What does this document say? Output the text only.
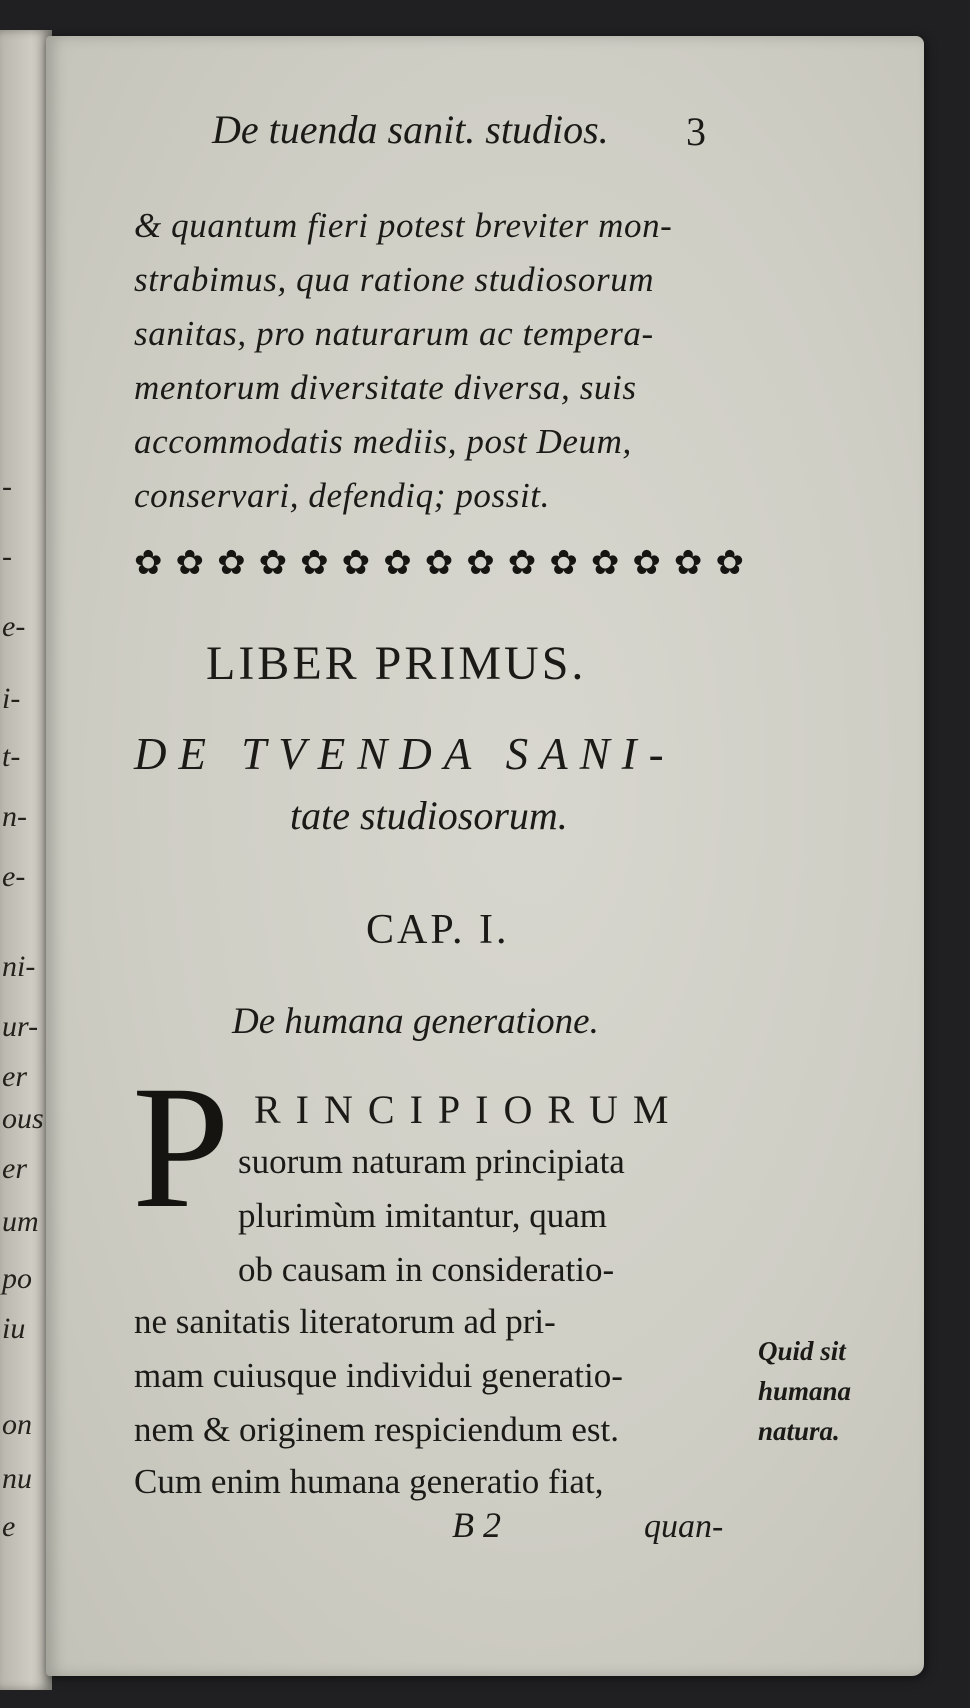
-
-
e-
i-
t-
n-
e-
ni-
ur-
er
ous
er
um
po
iu
on
nu
e
De tuenda sanit. studios. 3
& quantum fieri potest breviter mon-
strabimus, qua ratione studiosorum
sanitas, pro naturarum ac tempera-
mentorum diversitate diversa, suis
accommodatis mediis, post Deum,
conservari, defendiq; possit.
✿ ✿ ✿ ✿ ✿ ✿ ✿ ✿ ✿ ✿ ✿ ✿ ✿ ✿ ✿
LIBER PRIMUS.
DE TVENDA SANI-
tate studiosorum.
CAP. I.
De humana generatione.
P RINCIPIORUM
suorum naturam principiata
plurimùm imitantur, quam
ob causam in consideratio-
ne sanitatis literatorum ad pri-
mam cuiusque individui generatio-
nem & originem respiciendum est.
Cum enim humana generatio fiat,
Quid sit
humana
natura.
B 2	quan-
